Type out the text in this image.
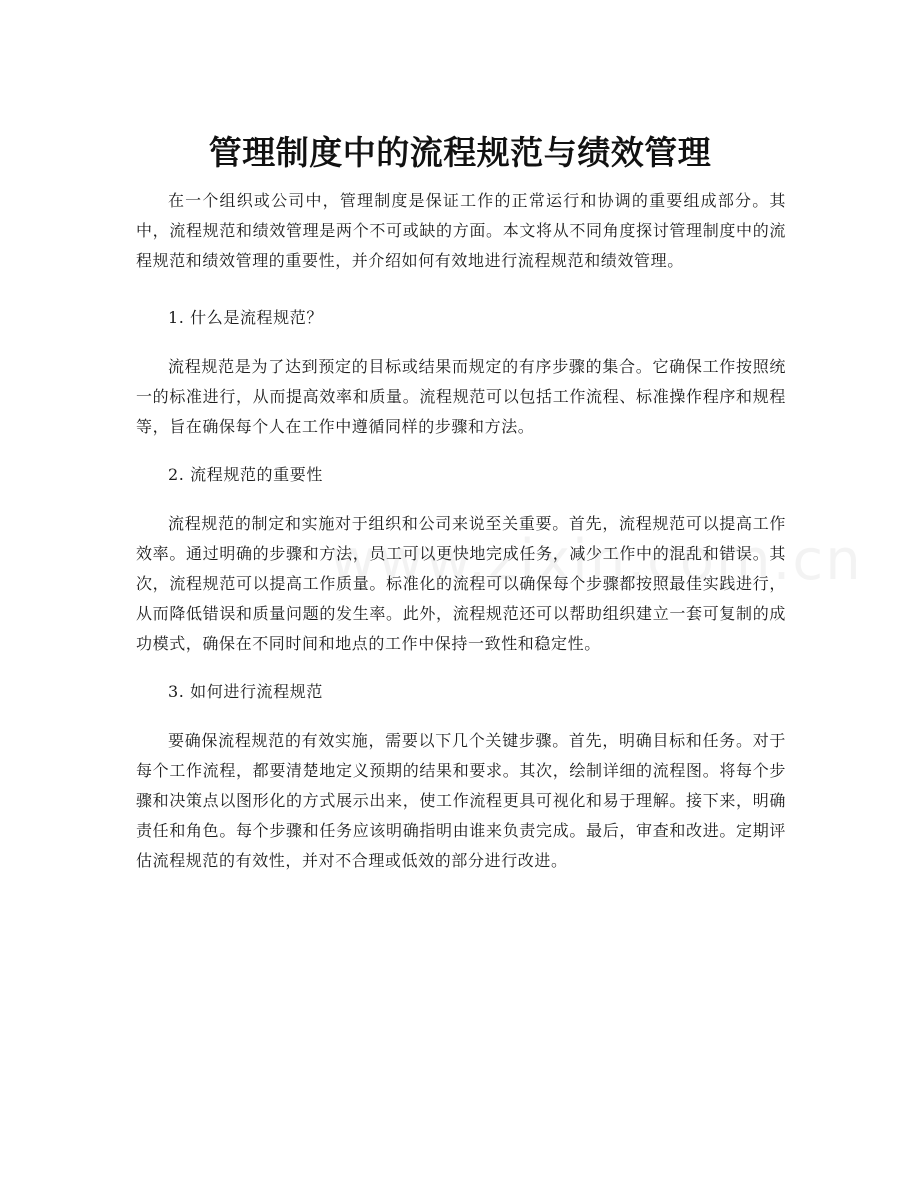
管理制度中的流程规范与绩效管理

在一个组织或公司中，管理制度是保证工作的正常运行和协调的重要组成部分。其中，流程规范和绩效管理是两个不可或缺的方面。本文将从不同角度探讨管理制度中的流程规范和绩效管理的重要性，并介绍如何有效地进行流程规范和绩效管理。

1. 什么是流程规范？

流程规范是为了达到预定的目标或结果而规定的有序步骤的集合。它确保工作按照统一的标准进行，从而提高效率和质量。流程规范可以包括工作流程、标准操作程序和规程等，旨在确保每个人在工作中遵循同样的步骤和方法。

2. 流程规范的重要性

流程规范的制定和实施对于组织和公司来说至关重要。首先，流程规范可以提高工作效率。通过明确的步骤和方法，员工可以更快地完成任务，减少工作中的混乱和错误。其次，流程规范可以提高工作质量。标准化的流程可以确保每个步骤都按照最佳实践进行，从而降低错误和质量问题的发生率。此外，流程规范还可以帮助组织建立一套可复制的成功模式，确保在不同时间和地点的工作中保持一致性和稳定性。

3. 如何进行流程规范

要确保流程规范的有效实施，需要以下几个关键步骤。首先，明确目标和任务。对于每个工作流程，都要清楚地定义预期的结果和要求。其次，绘制详细的流程图。将每个步骤和决策点以图形化的方式展示出来，使工作流程更具可视化和易于理解。接下来，明确责任和角色。每个步骤和任务应该明确指明由谁来负责完成。最后，审查和改进。定期评估流程规范的有效性，并对不合理或低效的部分进行改进。
